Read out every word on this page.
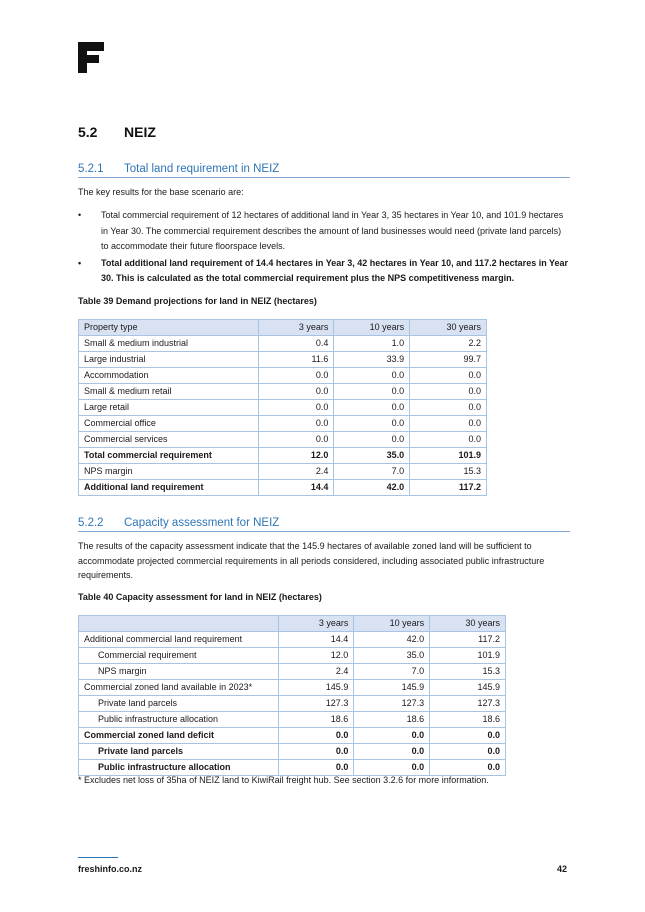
5.2 NEIZ
5.2.1 Total land requirement in NEIZ
The key results for the base scenario are:
• Total commercial requirement of 12 hectares of additional land in Year 3, 35 hectares in Year 10, and 101.9 hectares in Year 30. The commercial requirement describes the amount of land businesses would need (private land parcels) to accommodate their future floorspace levels.
• Total additional land requirement of 14.4 hectares in Year 3, 42 hectares in Year 10, and 117.2 hectares in Year 30. This is calculated as the total commercial requirement plus the NPS competitiveness margin.
Table 39 Demand projections for land in NEIZ (hectares)
Property type	3 years	10 years	30 years
Small & medium industrial	0.4	1.0	2.2
Large industrial	11.6	33.9	99.7
Accommodation	0.0	0.0	0.0
Small & medium retail	0.0	0.0	0.0
Large retail	0.0	0.0	0.0
Commercial office	0.0	0.0	0.0
Commercial services	0.0	0.0	0.0
Total commercial requirement	12.0	35.0	101.9
NPS margin	2.4	7.0	15.3
Additional land requirement	14.4	42.0	117.2
5.2.2 Capacity assessment for NEIZ
The results of the capacity assessment indicate that the 145.9 hectares of available zoned land will be sufficient to accommodate projected commercial requirements in all periods considered, including associated public infrastructure requirements.
Table 40 Capacity assessment for land in NEIZ (hectares)
	3 years	10 years	30 years
Additional commercial land requirement	14.4	42.0	117.2
Commercial requirement	12.0	35.0	101.9
NPS margin	2.4	7.0	15.3
Commercial zoned land available in 2023*	145.9	145.9	145.9
Private land parcels	127.3	127.3	127.3
Public infrastructure allocation	18.6	18.6	18.6
Commercial zoned land deficit	0.0	0.0	0.0
Private land parcels	0.0	0.0	0.0
Public infrastructure allocation	0.0	0.0	0.0
* Excludes net loss of 35ha of NEIZ land to KiwiRail freight hub. See section 3.2.6 for more information.
freshinfo.co.nz	42
